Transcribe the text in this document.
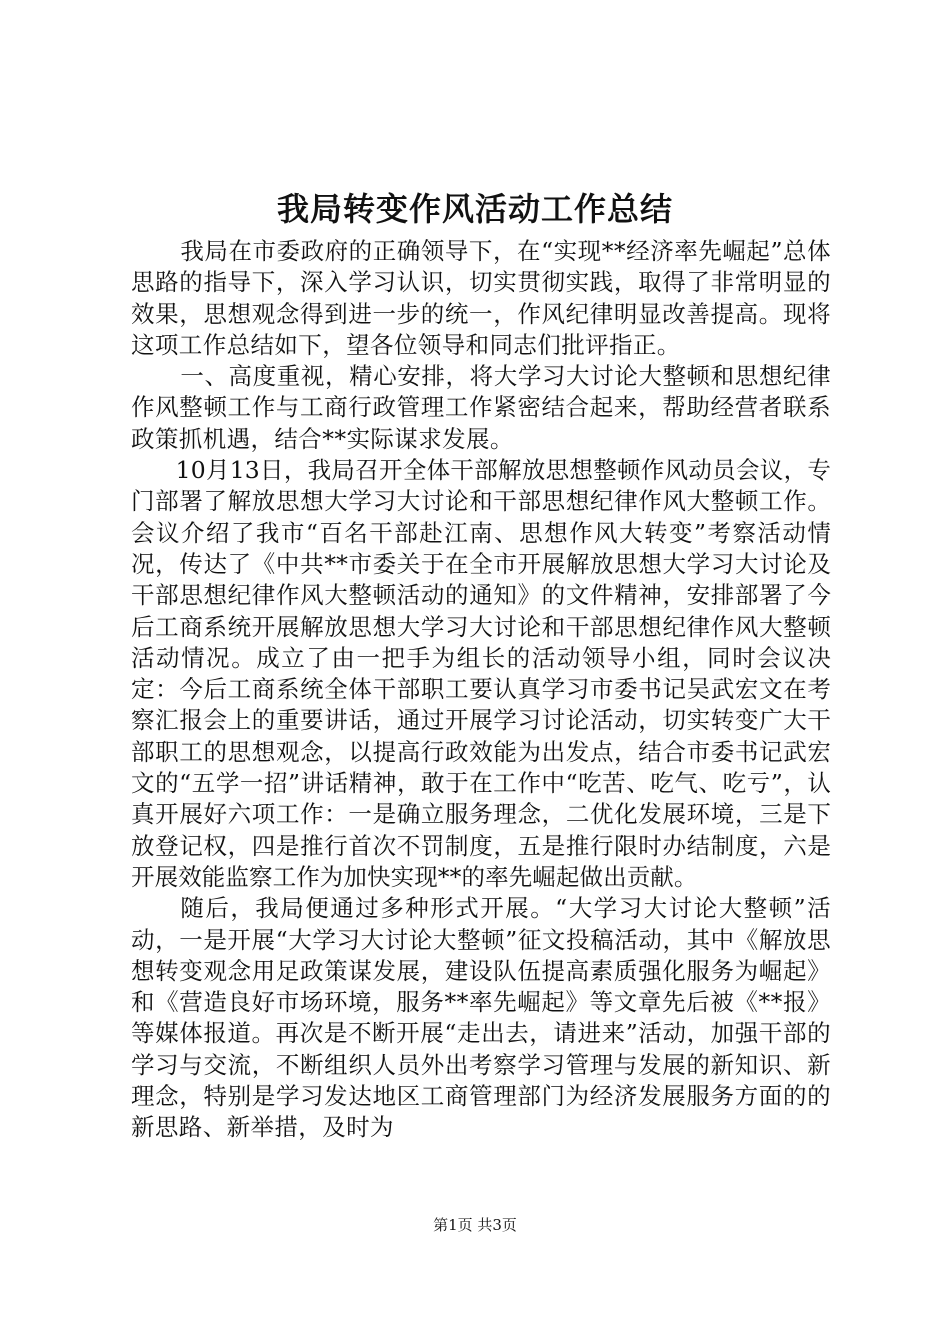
我局转变作风活动工作总结

我局在市委政府的正确领导下，在“实现**经济率先崛起”总体思路的指导下，深入学习认识，切实贯彻实践，取得了非常明显的效果，思想观念得到进一步的统一，作风纪律明显改善提高。现将这项工作总结如下，望各位领导和同志们批评指正。

一、高度重视，精心安排，将大学习大讨论大整顿和思想纪律作风整顿工作与工商行政管理工作紧密结合起来，帮助经营者联系政策抓机遇，结合**实际谋求发展。

10月13日，我局召开全体干部解放思想整顿作风动员会议，专门部署了解放思想大学习大讨论和干部思想纪律作风大整顿工作。会议介绍了我市“百名干部赴江南、思想作风大转变”考察活动情况，传达了《中共**市委关于在全市开展解放思想大学习大讨论及干部思想纪律作风大整顿活动的通知》的文件精神，安排部署了今后工商系统开展解放思想大学习大讨论和干部思想纪律作风大整顿活动情况。成立了由一把手为组长的活动领导小组，同时会议决定：今后工商系统全体干部职工要认真学习市委书记吴武宏文在考察汇报会上的重要讲话，通过开展学习讨论活动，切实转变广大干部职工的思想观念，以提高行政效能为出发点，结合市委书记武宏文的“五学一招”讲话精神，敢于在工作中“吃苦、吃气、吃亏”，认真开展好六项工作：一是确立服务理念，二优化发展环境，三是下放登记权，四是推行首次不罚制度，五是推行限时办结制度，六是开展效能监察工作为加快实现**的率先崛起做出贡献。

随后，我局便通过多种形式开展。“大学习大讨论大整顿”活动，一是开展“大学习大讨论大整顿”征文投稿活动，其中《解放思想转变观念用足政策谋发展，建设队伍提高素质强化服务为崛起》和《营造良好市场环境，服务**率先崛起》等文章先后被《**报》等媒体报道。再次是不断开展“走出去，请进来”活动，加强干部的学习与交流，不断组织人员外出考察学习管理与发展的新知识、新理念，特别是学习发达地区工商管理部门为经济发展服务方面的的新思路、新举措，及时为

第1页 共3页
